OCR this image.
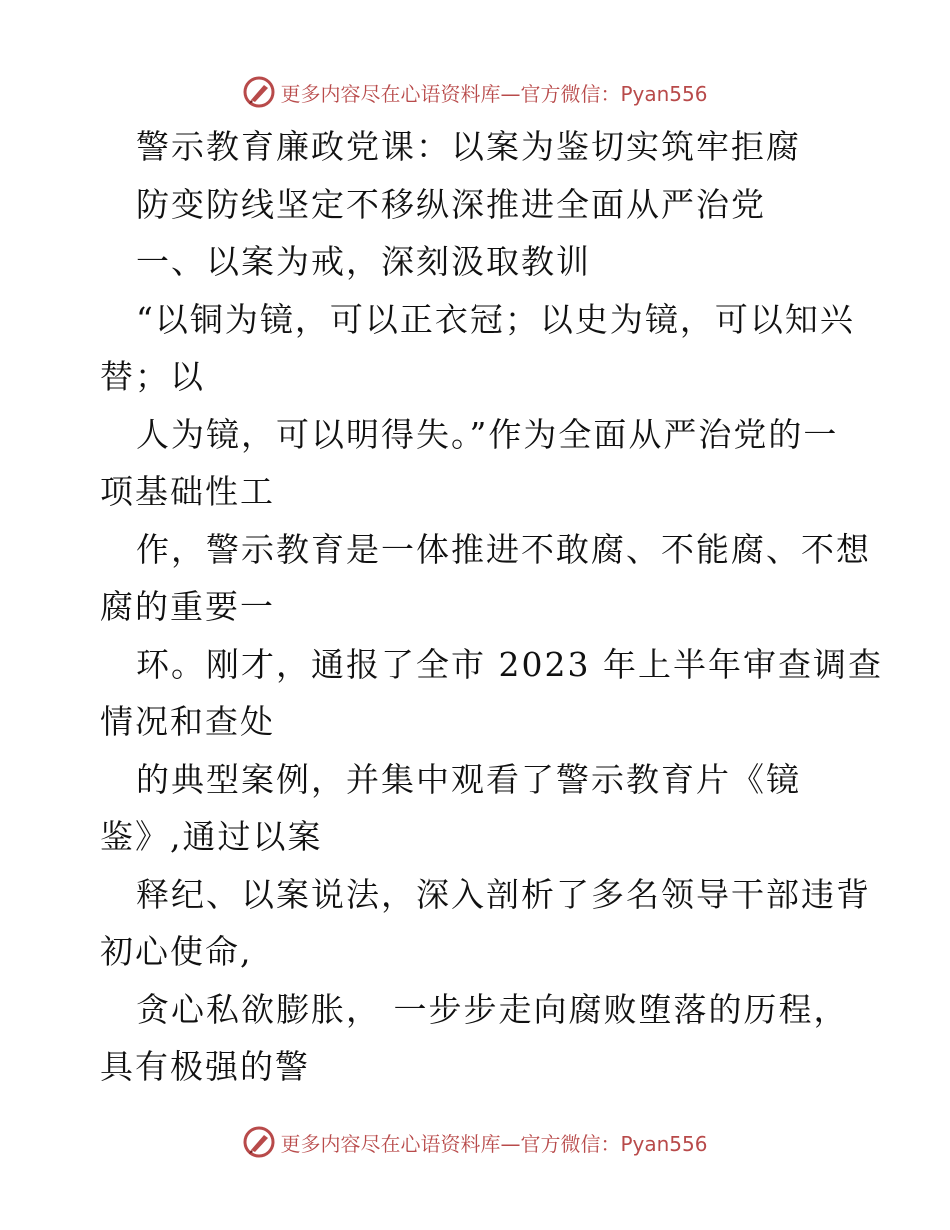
更多内容尽在心语资料库—官方微信：Pyan556
警示教育廉政党课：以案为鉴切实筑牢拒腐
防变防线坚定不移纵深推进全面从严治党
一、以案为戒，深刻汲取教训
“以铜为镜，可以正衣冠；以史为镜，可以知兴
替；以
人为镜，可以明得失。”作为全面从严治党的一
项基础性工
作，警示教育是一体推进不敢腐、不能腐、不想
腐的重要一
环。刚才，通报了全市 2023 年上半年审查调查
情况和查处
的典型案例，并集中观看了警示教育片《镜
鉴》,通过以案
释纪、以案说法，深入剖析了多名领导干部违背
初心使命,
贪心私欲膨胀， 一步步走向腐败堕落的历程，
具有极强的警
更多内容尽在心语资料库—官方微信：Pyan556
